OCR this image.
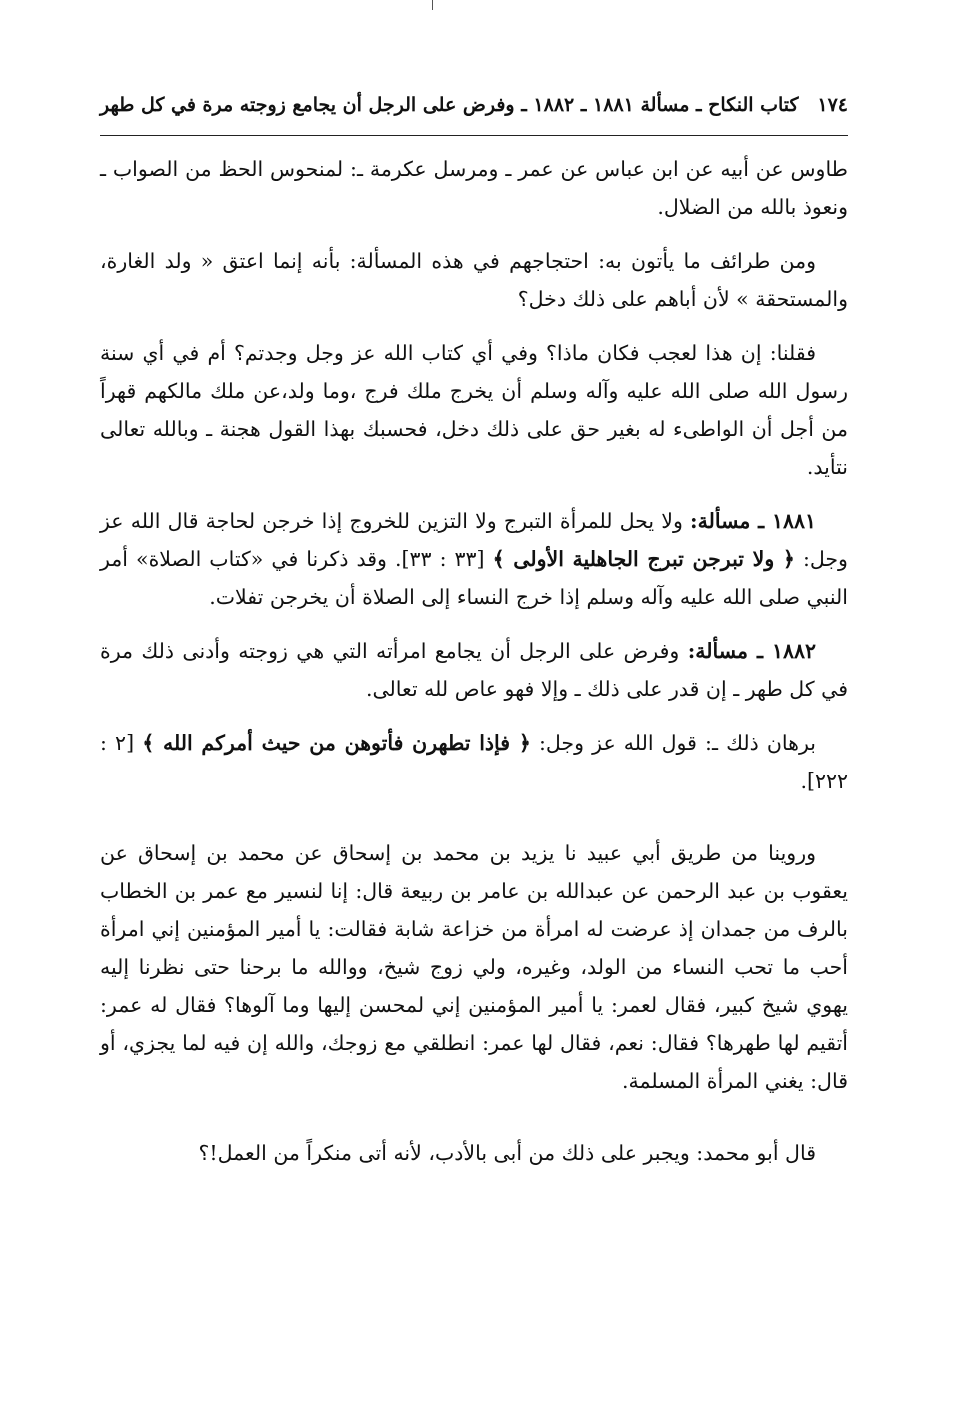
١٧٤
كتاب النكاح ـ مسألة ١٨٨١ ـ ١٨٨٢ ـ وفرض على الرجل أن يجامع زوجته مرة في كل طهر

طاوس عن أبيه عن ابن عباس عن عمر ـ ومرسل عكرمة ـ: لمنحوس الحظ من الصواب ـ ونعوذ بالله من الضلال.

ومن طرائف ما يأتون به: احتجاجهم في هذه المسألة: بأنه إنما اعتق « ولد الغارة، والمستحقة » لأن أباهم على ذلك دخل؟

فقلنا: إن هذا لعجب فكان ماذا؟ وفي أي كتاب الله عز وجل وجدتم؟ أم في أي سنة رسول الله صلى الله عليه وآله وسلم أن يخرج ملك فرج ،وما ولد،عن ملك مالكهم قهراً من أجل أن الواطىء له بغير حق على ذلك دخل، فحسبك بهذا القول هجنة ـ وبالله تعالى نتأيد.

١٨٨١ ـ مسألة: ولا يحل للمرأة التبرج ولا التزين للخروج إذا خرجن لحاجة قال الله عز وجل: ﴿ ولا تبرجن تبرج الجاهلية الأولى ﴾ [٣٣ : ٣٣]. وقد ذكرنا في «كتاب الصلاة» أمر النبي صلى الله عليه وآله وسلم إذا خرج النساء إلى الصلاة أن يخرجن تفلات.

١٨٨٢ ـ مسألة: وفرض على الرجل أن يجامع امرأته التي هي زوجته وأدنى ذلك مرة في كل طهر ـ إن قدر على ذلك ـ وإلا فهو عاص لله تعالى.

برهان ذلك ـ: قول الله عز وجل: ﴿ فإذا تطهرن فأتوهن من حيث أمركم الله ﴾ [٢ : ٢٢٢].

وروينا من طريق أبي عبيد نا يزيد بن محمد بن إسحاق عن محمد بن إسحاق عن يعقوب بن عبد الرحمن عن عبدالله بن عامر بن ربيعة قال: إنا لنسير مع عمر بن الخطاب بالرف من جمدان إذ عرضت له امرأة من خزاعة شابة فقالت: يا أمير المؤمنين إني امرأة أحب ما تحب النساء من الولد، وغيره، ولي زوج شيخ، ووالله ما برحنا حتى نظرنا إليه يهوي شيخ كبير، فقال لعمر: يا أمير المؤمنين إني لمحسن إليها وما آلوها؟ فقال له عمر: أتقيم لها طهرها؟ فقال: نعم، فقال لها عمر: انطلقي مع زوجك، والله إن فيه لما يجزي، أو قال: يغني المرأة المسلمة.

قال أبو محمد: ويجبر على ذلك من أبى بالأدب، لأنه أتى منكراً من العمل!؟
